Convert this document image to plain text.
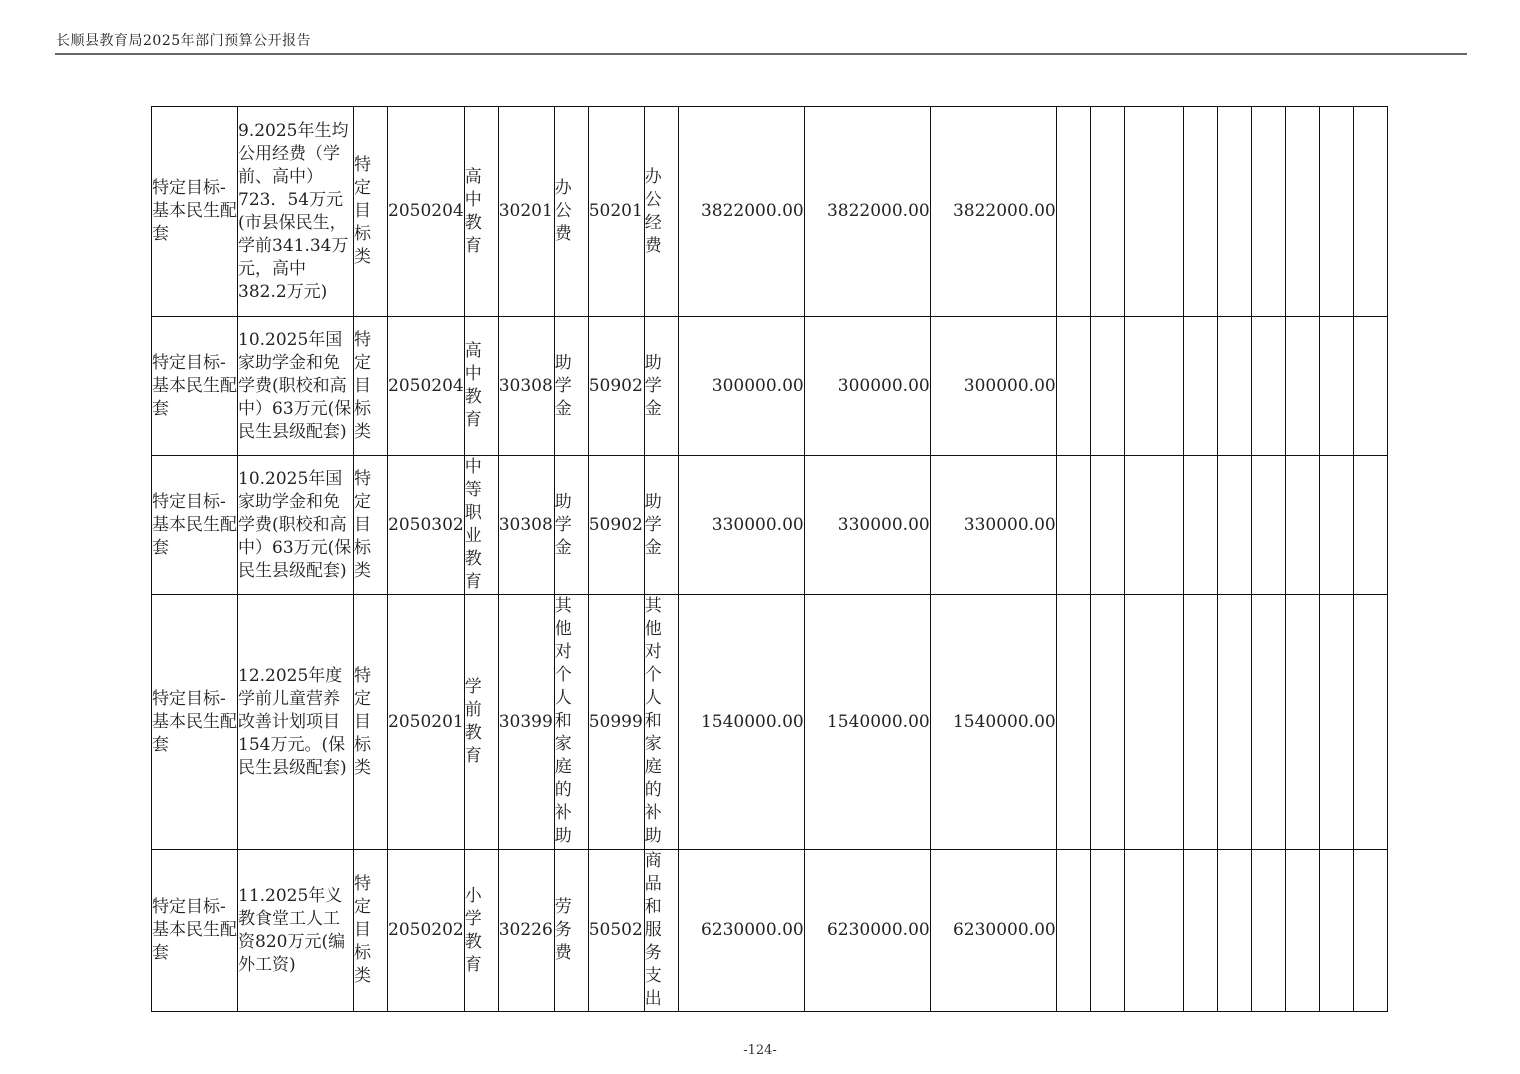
长顺县教育局2025年部门预算公开报告
特定目标-基本民生配套	9.2025年生均公用经费（学前、高中）723．54万元(市县保民生，学前341.34万元，高中382.2万元)	特定目标类	2050204	高中教育	30201	办公费	50201	办公经费	3822000.00	3822000.00	3822000.00									
特定目标-基本民生配套	10.2025年国家助学金和免学费(职校和高中）63万元(保民生县级配套)	特定目标类	2050204	高中教育	30308	助学金	50902	助学金	300000.00	300000.00	300000.00									
特定目标-基本民生配套	10.2025年国家助学金和免学费(职校和高中）63万元(保民生县级配套)	特定目标类	2050302	中等职业教育	30308	助学金	50902	助学金	330000.00	330000.00	330000.00									
特定目标-基本民生配套	12.2025年度学前儿童营养改善计划项目154万元。(保民生县级配套)	特定目标类	2050201	学前教育	30399	其他对个人和家庭的补助	50999	其他对个人和家庭的补助	1540000.00	1540000.00	1540000.00									
特定目标-基本民生配套	11.2025年义教食堂工人工资820万元(编外工资)	特定目标类	2050202	小学教育	30226	劳务费	50502	商品和服务支出	6230000.00	6230000.00	6230000.00									
-124-
